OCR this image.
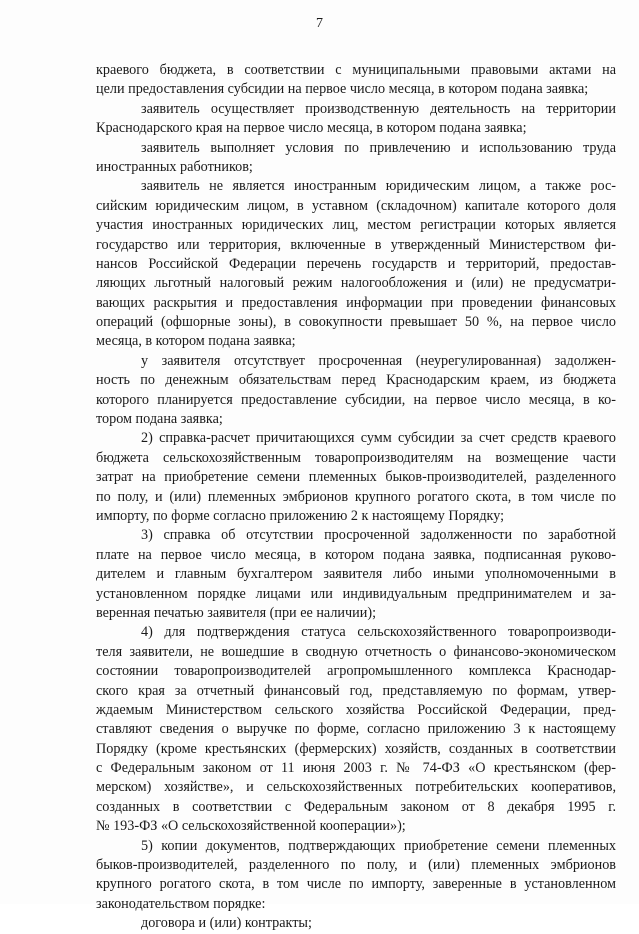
7
краевого бюджета, в соответствии с муниципальными правовыми актами на
цели предоставления субсидии на первое число месяца, в котором подана заявка;
заявитель осуществляет производственную деятельность на территории
Краснодарского края на первое число месяца, в котором подана заявка;
заявитель выполняет условия по привлечению и использованию труда
иностранных работников;
заявитель не является иностранным юридическим лицом, а также рос-
сийским юридическим лицом, в уставном (складочном) капитале которого доля
участия иностранных юридических лиц, местом регистрации которых является
государство или территория, включенные в утвержденный Министерством фи-
нансов Российской Федерации перечень государств и территорий, предостав-
ляющих льготный налоговый режим налогообложения и (или) не предусматри-
вающих раскрытия и предоставления информации при проведении финансовых
операций (офшорные зоны), в совокупности превышает 50 %, на первое число
месяца, в котором подана заявка;
у заявителя отсутствует просроченная (неурегулированная) задолжен-
ность по денежным обязательствам перед Краснодарским краем, из бюджета
которого планируется предоставление субсидии, на первое число месяца, в ко-
тором подана заявка;
2) справка-расчет причитающихся сумм субсидии за счет средств краевого
бюджета сельскохозяйственным товаропроизводителям на возмещение части
затрат на приобретение семени племенных быков-производителей, разделенного
по полу, и (или) племенных эмбрионов крупного рогатого скота, в том числе по
импорту, по форме согласно приложению 2 к настоящему Порядку;
3) справка об отсутствии просроченной задолженности по заработной
плате на первое число месяца, в котором подана заявка, подписанная руково-
дителем и главным бухгалтером заявителя либо иными уполномоченными в
установленном порядке лицами или индивидуальным предпринимателем и за-
веренная печатью заявителя (при ее наличии);
4) для подтверждения статуса сельскохозяйственного товаропроизводи-
теля заявители, не вошедшие в сводную отчетность о финансово-экономическом
состоянии товаропроизводителей агропромышленного комплекса Краснодар-
ского края за отчетный финансовый год, представляемую по формам, утвер-
ждаемым Министерством сельского хозяйства Российской Федерации, пред-
ставляют сведения о выручке по форме, согласно приложению 3 к настоящему
Порядку (кроме крестьянских (фермерских) хозяйств, созданных в соответствии
с Федеральным законом от 11 июня 2003 г. № 74-ФЗ «О крестьянском (фер-
мерском) хозяйстве», и сельскохозяйственных потребительских кооперативов,
созданных в соответствии с Федеральным законом от 8 декабря 1995 г.
№ 193-ФЗ «О сельскохозяйственной кооперации»);
5) копии документов, подтверждающих приобретение семени племенных
быков-производителей, разделенного по полу, и (или) племенных эмбрионов
крупного рогатого скота, в том числе по импорту, заверенные в установленном
законодательством порядке:
договора и (или) контракты;
